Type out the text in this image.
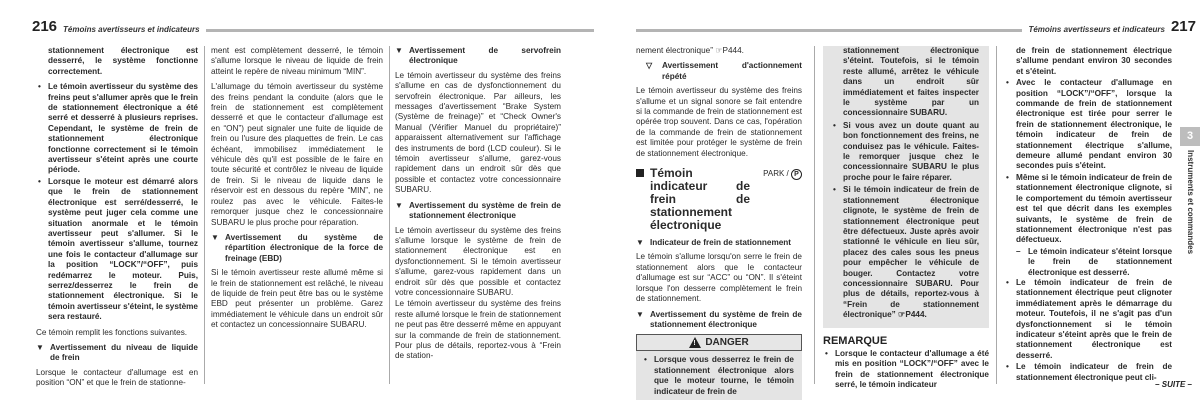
216 Témoins avertisseurs et indicateurs

stationnement électronique est desserré, le système fonctionne correctement.

• Le témoin avertisseur du système des freins peut s'allumer après que le frein de stationnement électronique a été serré et desserré à plusieurs reprises. Cependant, le système de frein de stationnement électronique fonctionne correctement si le témoin avertisseur s'éteint après une courte période.
• Lorsque le moteur est démarré alors que le frein de stationnement électronique est serré/desserré, le système peut juger cela comme une situation anormale et le témoin avertisseur peut s'allumer. Si le témoin avertisseur s'allume, tournez une fois le contacteur d'allumage sur la position “LOCK”/“OFF”, puis redémarrez le moteur. Puis, serrez/desserrez le frein de stationnement électronique. Si le témoin avertisseur s'éteint, le système sera restauré.

Ce témoin remplit les fonctions suivantes.

▼ Avertissement du niveau de liquide de frein

Lorsque le contacteur d'allumage est en position “ON” et que le frein de stationne-

ment est complètement desserré, le témoin s'allume lorsque le niveau de liquide de frein atteint le repère de niveau minimum “MIN”.

L'allumage du témoin avertisseur du système des freins pendant la conduite (alors que le frein de stationnement est complètement desserré et que le contacteur d'allumage est en “ON”) peut signaler une fuite de liquide de frein ou l'usure des plaquettes de frein. Le cas échéant, immobilisez immédiatement le véhicule dès qu'il est possible de le faire en toute sécurité et contrôlez le niveau de liquide de frein. Si le niveau de liquide dans le réservoir est en dessous du repère “MIN”, ne roulez pas avec le véhicule. Faites-le remorquer jusque chez le concessionnaire SUBARU le plus proche pour réparation.

▼ Avertissement du système de répartition électronique de la force de freinage (EBD)

Si le témoin avertisseur reste allumé même si le frein de stationnement est relâché, le niveau de liquide de frein peut être bas ou le système EBD peut présenter un problème. Garez immédiatement le véhicule dans un endroit sûr et contactez un concessionnaire SUBARU.

▼ Avertissement de servofrein électronique

Le témoin avertisseur du système des freins s'allume en cas de dysfonctionnement du servofrein électronique. Par ailleurs, les messages d'avertissement “Brake System (Système de freinage)” et “Check Owner's Manual (Vérifier Manuel du propriétaire)” apparaissent alternativement sur l'affichage des instruments de bord (LCD couleur). Si le témoin avertisseur s'allume, garez-vous rapidement dans un endroit sûr dès que possible et contactez votre concessionnaire SUBARU.

▼ Avertissement du système de frein de stationnement électronique

Le témoin avertisseur du système des freins s'allume lorsque le système de frein de stationnement électronique est en dysfonctionnement. Si le témoin avertisseur s'allume, garez-vous rapidement dans un endroit sûr dès que possible et contactez votre concessionnaire SUBARU.

Le témoin avertisseur du système des freins reste allumé lorsque le frein de stationnement ne peut pas être desserré même en appuyant sur la commande de frein de stationnement. Pour plus de détails, reportez-vous à “Frein de station-

Témoins avertisseurs et indicateurs 217

nement électronique” ☞P444.

▽ Avertissement d'actionnement répété

Le témoin avertisseur du système des freins s'allume et un signal sonore se fait entendre si la commande de frein de stationnement est opérée trop souvent. Dans ce cas, l'opération de la commande de frein de stationnement est limitée pour protéger le système de frein de stationnement électronique.

Témoin indicateur de frein de stationnement électronique
PARK / P
▼ Indicateur de frein de stationnement

Le témoin s'allume lorsqu'on serre le frein de stationnement alors que le contacteur d'allumage est sur “ACC” ou “ON”. Il s'éteint lorsque l'on desserre complètement le frein de stationnement.

▼ Avertissement du système de frein de stationnement électronique
!
DANGER
• Lorsque vous desserrez le frein de stationnement électronique alors que le moteur tourne, le témoin indicateur de frein de

stationnement électronique s'éteint. Toutefois, si le témoin reste allumé, arrêtez le véhicule dans un endroit sûr immédiatement et faites inspecter le système par un concessionnaire SUBARU.

• Si vous avez un doute quant au bon fonctionnement des freins, ne conduisez pas le véhicule. Faites-le remorquer jusque chez le concessionnaire SUBARU le plus proche pour le faire réparer.
• Si le témoin indicateur de frein de stationnement électronique clignote, le système de frein de stationnement électronique peut être défectueux. Juste après avoir stationné le véhicule en lieu sûr, placez des cales sous les pneus pour empêcher le véhicule de bouger. Contactez votre concessionnaire SUBARU. Pour plus de détails, reportez-vous à “Frein de stationnement électronique” ☞P444.
REMARQUE
• Lorsque le contacteur d'allumage a été mis en position “LOCK”/“OFF” avec le frein de stationnement électronique serré, le témoin indicateur

de frein de stationnement électrique s'allume pendant environ 30 secondes et s'éteint.

• Avec le contacteur d'allumage en position “LOCK”/“OFF”, lorsque la commande de frein de stationnement électronique est tirée pour serrer le frein de stationnement électronique, le témoin indicateur de frein de stationnement électrique s'allume, demeure allumé pendant environ 30 secondes puis s'éteint.
• Même si le témoin indicateur de frein de stationnement électronique clignote, si le comportement du témoin avertisseur est tel que décrit dans les exemples suivants, le système de frein de stationnement électronique n'est pas défectueux.
– Le témoin indicateur s'éteint lorsque le frein de stationnement électronique est desserré.
• Le témoin indicateur de frein de stationnement électrique peut clignoter immédiatement après le démarrage du moteur. Toutefois, il ne s'agit pas d'un dysfonctionnement si le témoin indicateur s'éteint après que le frein de stationnement électronique est desserré.
• Le témoin indicateur de frein de stationnement électronique peut cli-
3
Instruments et commandes
– SUITE –
